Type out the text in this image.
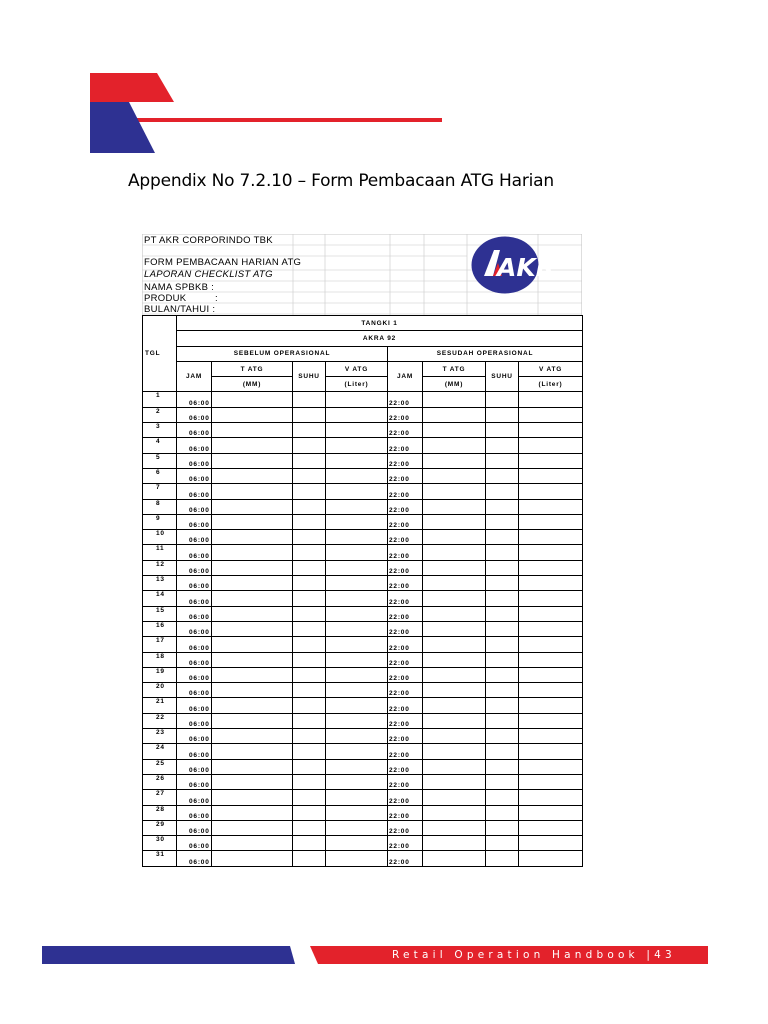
Appendix No 7.2.10 – Form Pembacaan ATG Harian
PT AKR CORPORINDO TBK
FORM PEMBACAAN HARIAN ATG
LAPORAN CHECKLIST ATG
NAMA SPBKB :
PRODUK	:
BULAN/TAHUI :
AKR
TGL	TANGKI 1							
	AKRA 92							
	SEBELUM OPERASIONAL				SESUDAH OPERASIONAL			
	JAM	T ATG	SUHU	V ATG	JAM	T ATG	SUHU	V ATG
		(MM)		(Liter)		(MM)		(Liter)
1	06:00				22:00			
2	06:00				22:00			
3	06:00				22:00			
4	06:00				22:00			
5	06:00				22:00			
6	06:00				22:00			
7	06:00				22:00			
8	06:00				22:00			
9	06:00				22:00			
10	06:00				22:00			
11	06:00				22:00			
12	06:00				22:00			
13	06:00				22:00			
14	06:00				22:00			
15	06:00				22:00			
16	06:00				22:00			
17	06:00				22:00			
18	06:00				22:00			
19	06:00				22:00			
20	06:00				22:00			
21	06:00				22:00			
22	06:00				22:00			
23	06:00				22:00			
24	06:00				22:00			
25	06:00				22:00			
26	06:00				22:00			
27	06:00				22:00			
28	06:00				22:00			
29	06:00				22:00			
30	06:00				22:00			
31	06:00				22:00			
Retail Operation Handbook |43
